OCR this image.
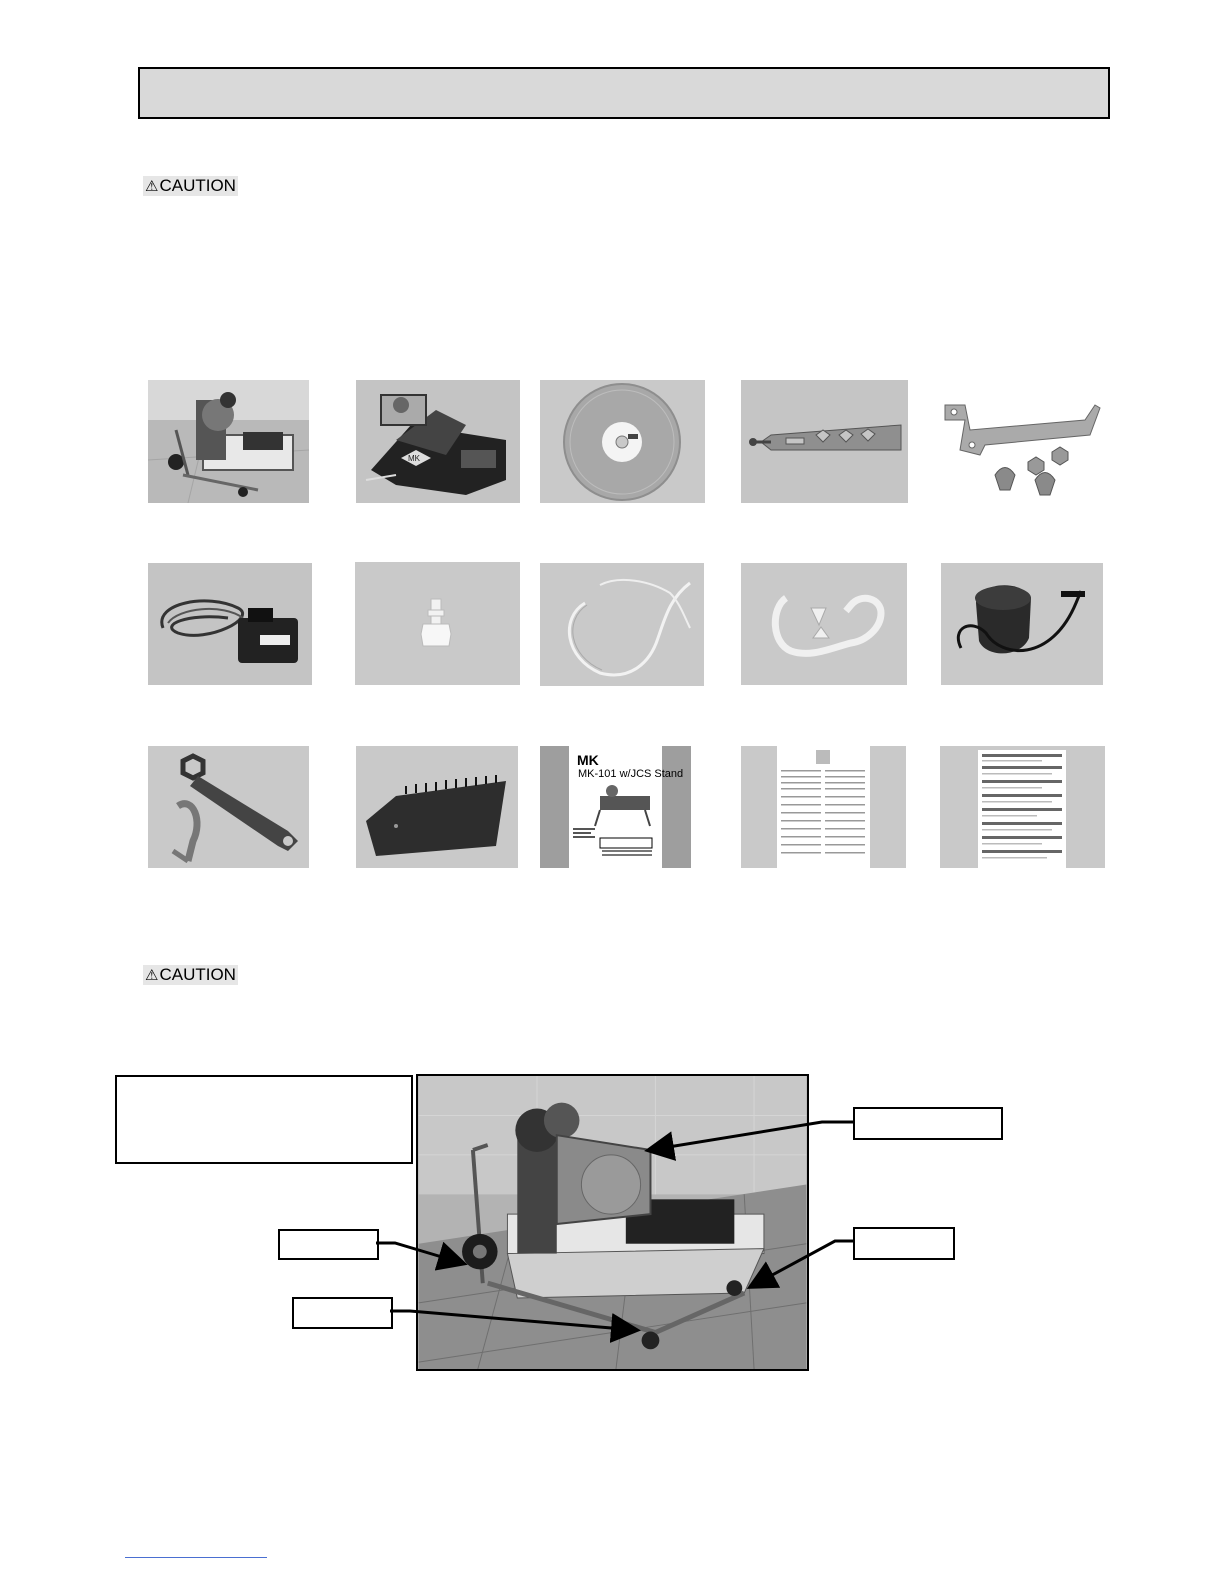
⚠CAUTION
MK
MK
MK-101 w/JCS Stand
⚠CAUTION
